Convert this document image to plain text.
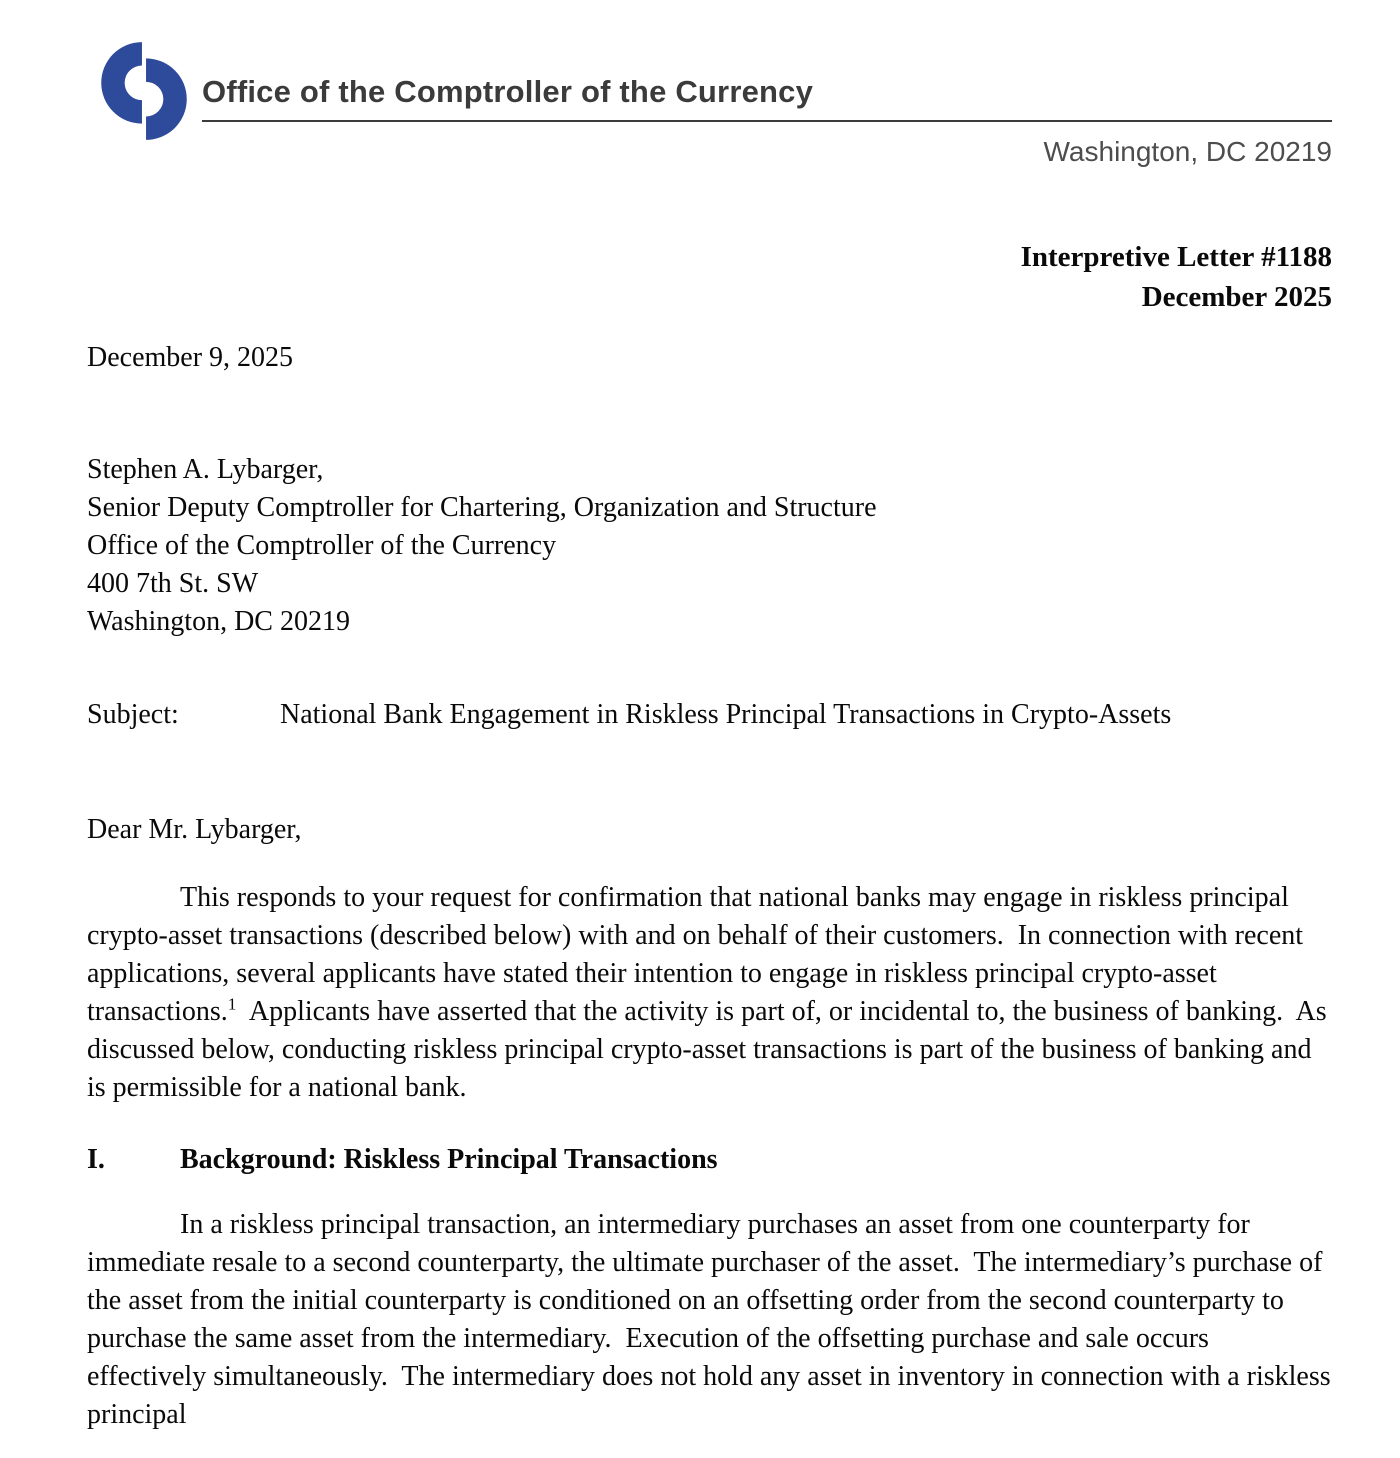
Office of the Comptroller of the Currency
Washington, DC 20219
Interpretive Letter #1188
December 2025
December 9, 2025
Stephen A. Lybarger,
Senior Deputy Comptroller for Chartering, Organization and Structure
Office of the Comptroller of the Currency
400 7th St. SW
Washington, DC 20219
Subject:	National Bank Engagement in Riskless Principal Transactions in Crypto-Assets
Dear Mr. Lybarger,

This responds to your request for confirmation that national banks may engage in riskless principal crypto-asset transactions (described below) with and on behalf of their customers.  In connection with recent applications, several applicants have stated their intention to engage in riskless principal crypto-asset transactions.$^1$  Applicants have asserted that the activity is part of, or incidental to, the business of banking.  As discussed below, conducting riskless principal crypto-asset transactions is part of the business of banking and is permissible for a national bank.

I.	Background: Riskless Principal Transactions

In a riskless principal transaction, an intermediary purchases an asset from one counterparty for immediate resale to a second counterparty, the ultimate purchaser of the asset.  The intermediary’s purchase of the asset from the initial counterparty is conditioned on an offsetting order from the second counterparty to purchase the same asset from the intermediary.  Execution of the offsetting purchase and sale occurs effectively simultaneously.  The intermediary does not hold any asset in inventory in connection with a riskless principal
